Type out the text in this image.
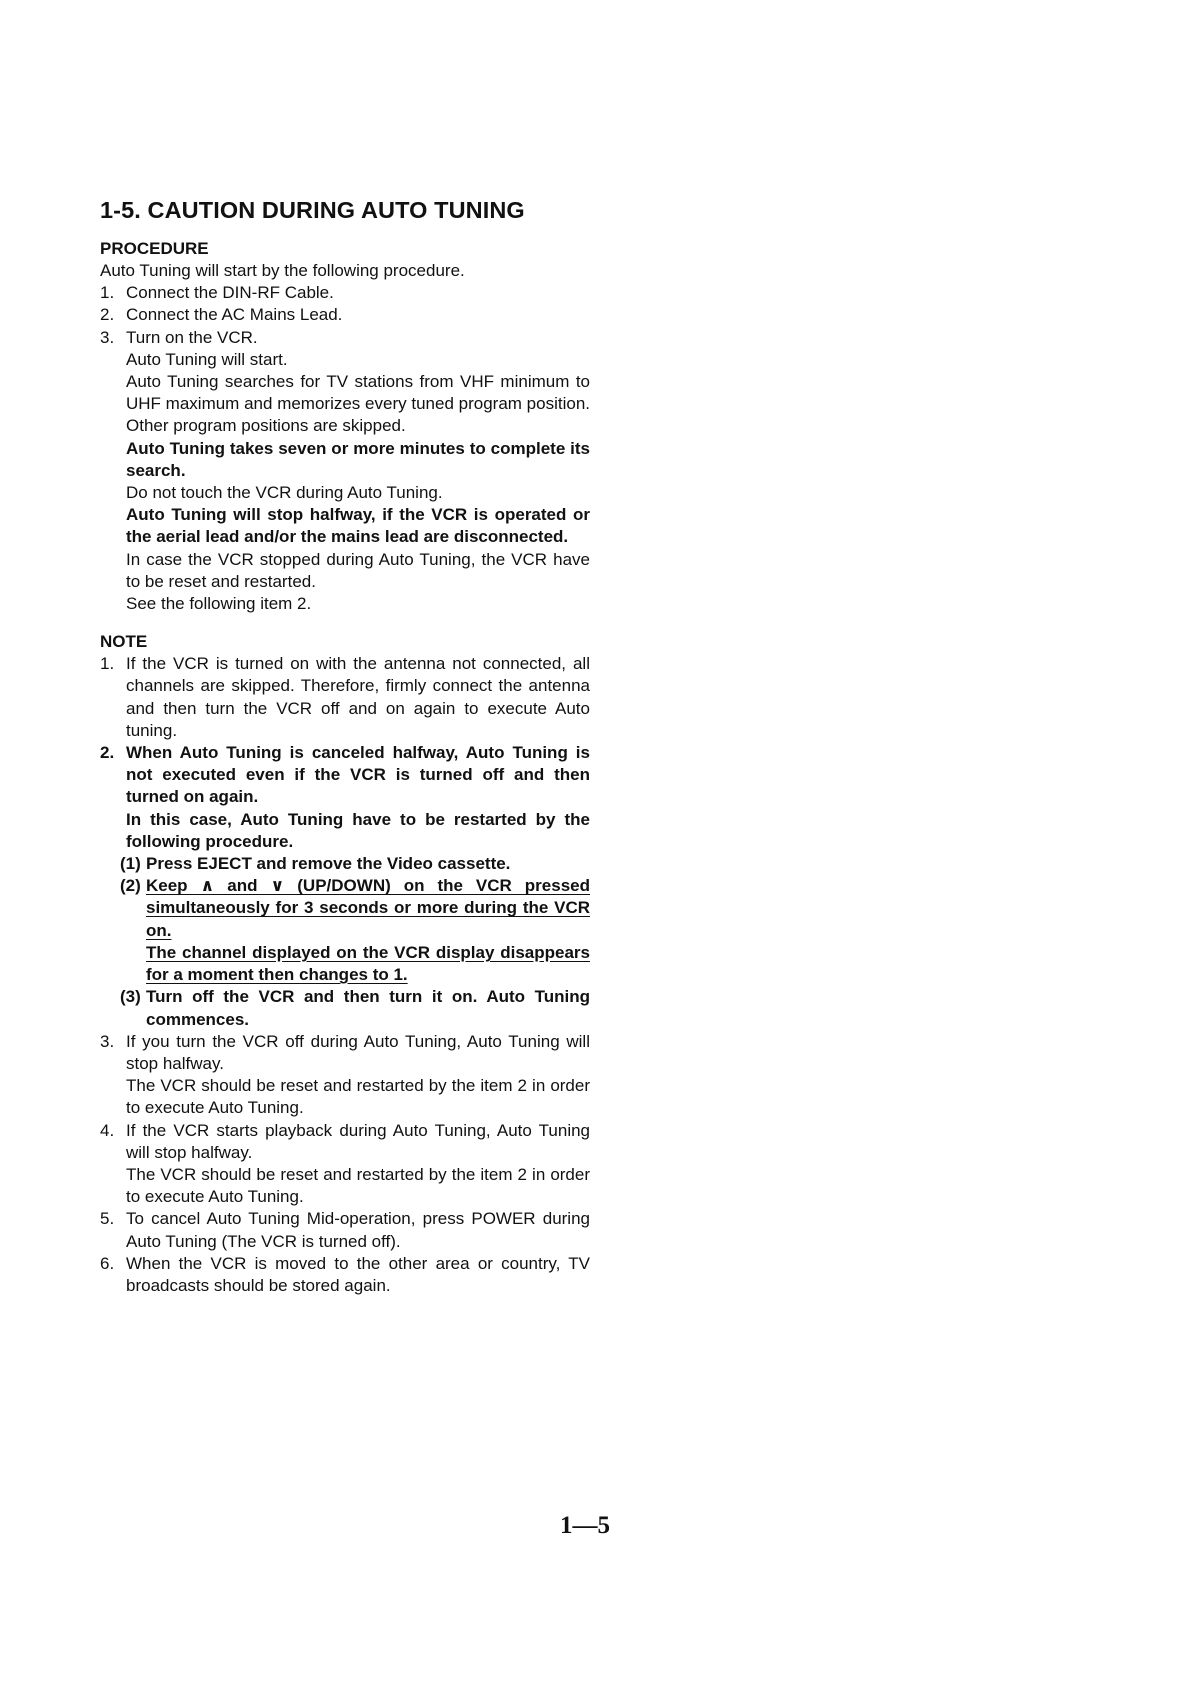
1-5. CAUTION DURING AUTO TUNING

PROCEDURE

Auto Tuning will start by the following procedure.

1. Connect the DIN-RF Cable.
2. Connect the AC Mains Lead.
3. Turn on the VCR.

Auto Tuning will start.

Auto Tuning searches for TV stations from VHF minimum to UHF maximum and memorizes every tuned program position. Other program positions are skipped.

Auto Tuning takes seven or more minutes to complete its search.

Do not touch the VCR during Auto Tuning.

Auto Tuning will stop halfway, if the VCR is operated or the aerial lead and/or the mains lead are disconnected.

In case the VCR stopped during Auto Tuning, the VCR have to be reset and restarted.

See the following item 2.

NOTE

1. If the VCR is turned on with the antenna not connected, all channels are skipped. Therefore, firmly connect the antenna and then turn the VCR off and on again to execute Auto tuning.
2. When Auto Tuning is canceled halfway, Auto Tuning is not executed even if the VCR is turned off and then turned on again.
In this case, Auto Tuning have to be restarted by the following procedure.
(1) Press EJECT and remove the Video cassette.
(2) Keep ∧ and ∨ (UP/DOWN) on the VCR pressed simultaneously for 3 seconds or more during the VCR on.
The channel displayed on the VCR display disappears for a moment then changes to 1.
(3) Turn off the VCR and then turn it on. Auto Tuning commences.
3. If you turn the VCR off during Auto Tuning, Auto Tuning will stop halfway.
The VCR should be reset and restarted by the item 2 in order to execute Auto Tuning.
4. If the VCR starts playback during Auto Tuning, Auto Tuning will stop halfway.
The VCR should be reset and restarted by the item 2 in order to execute Auto Tuning.
5. To cancel Auto Tuning Mid-operation, press POWER during Auto Tuning (The VCR is turned off).
6. When the VCR is moved to the other area or country, TV broadcasts should be stored again.
1—5
